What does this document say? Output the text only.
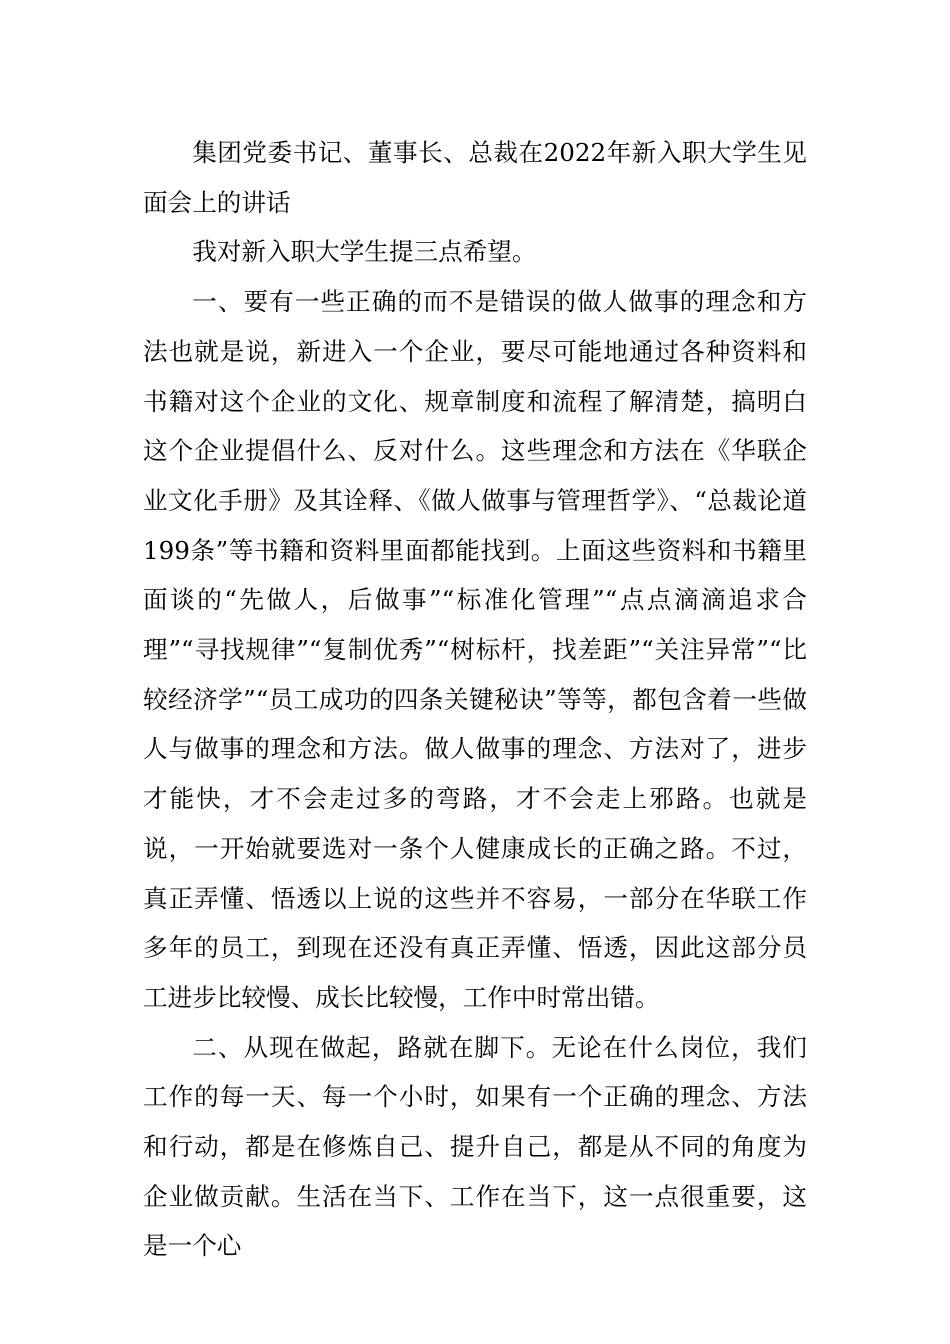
集团党委书记、董事长、总裁在2022年新入职大学生见面会上的讲话

我对新入职大学生提三点希望。

一、要有一些正确的而不是错误的做人做事的理念和方法也就是说，新进入一个企业，要尽可能地通过各种资料和书籍对这个企业的文化、规章制度和流程了解清楚，搞明白这个企业提倡什么、反对什么。这些理念和方法在《华联企业文化手册》及其诠释、《做人做事与管理哲学》、“总裁论道199条”等书籍和资料里面都能找到。上面这些资料和书籍里面谈的“先做人，后做事”“标准化管理”“点点滴滴追求合理”“寻找规律”“复制优秀”“树标杆，找差距”“关注异常”“比较经济学”“员工成功的四条关键秘诀”等等，都包含着一些做人与做事的理念和方法。做人做事的理念、方法对了，进步才能快，才不会走过多的弯路，才不会走上邪路。也就是说，一开始就要选对一条个人健康成长的正确之路。不过，真正弄懂、悟透以上说的这些并不容易，一部分在华联工作多年的员工，到现在还没有真正弄懂、悟透，因此这部分员工进步比较慢、成长比较慢，工作中时常出错。

二、从现在做起，路就在脚下。无论在什么岗位，我们工作的每一天、每一个小时，如果有一个正确的理念、方法和行动，都是在修炼自己、提升自己，都是从不同的角度为企业做贡献。生活在当下、工作在当下，这一点很重要，这是一个心
